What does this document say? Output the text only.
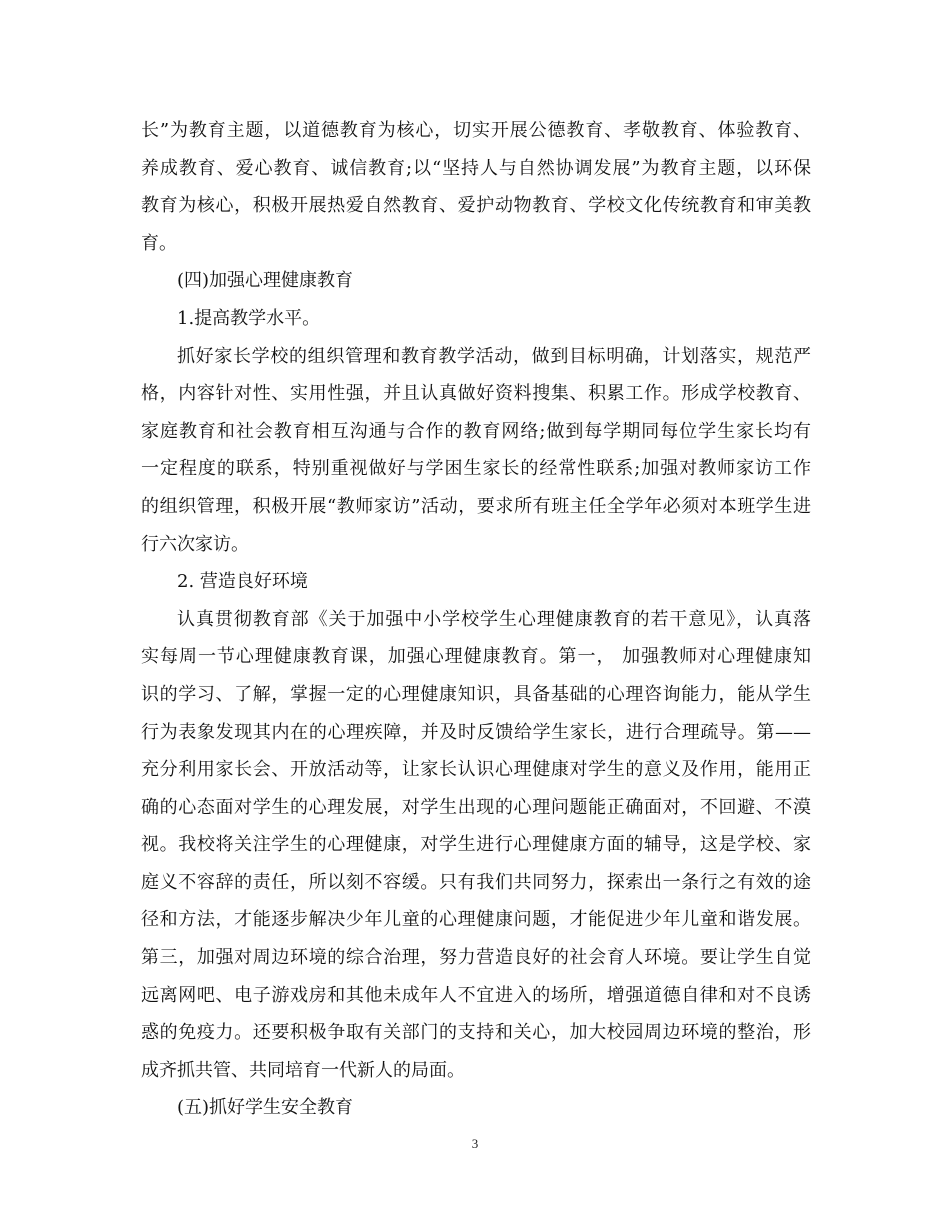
长”为教育主题，以道德教育为核心，切实开展公德教育、孝敬教育、体验教育、
养成教育、爱心教育、诚信教育;以“坚持人与自然协调发展”为教育主题，以环保
教育为核心，积极开展热爱自然教育、爱护动物教育、学校文化传统教育和审美教
育。
(四)加强心理健康教育
1.提高教学水平。
抓好家长学校的组织管理和教育教学活动，做到目标明确，计划落实，规范严
格，内容针对性、实用性强，并且认真做好资料搜集、积累工作。形成学校教育、
家庭教育和社会教育相互沟通与合作的教育网络;做到每学期同每位学生家长均有
一定程度的联系，特别重视做好与学困生家长的经常性联系;加强对教师家访工作
的组织管理，积极开展“教师家访”活动，要求所有班主任全学年必须对本班学生进
行六次家访。
2. 营造良好环境
认真贯彻教育部《关于加强中小学校学生心理健康教育的若干意见》，认真落
实每周一节心理健康教育课，加强心理健康教育。第一， 加强教师对心理健康知
识的学习、了解，掌握一定的心理健康知识，具备基础的心理咨询能力，能从学生
行为表象发现其内在的心理疾障，并及时反馈给学生家长，进行合理疏导。第——
充分利用家长会、开放活动等，让家长认识心理健康对学生的意义及作用，能用正
确的心态面对学生的心理发展，对学生出现的心理问题能正确面对，不回避、不漠
视。我校将关注学生的心理健康，对学生进行心理健康方面的辅导，这是学校、家
庭义不容辞的责任，所以刻不容缓。只有我们共同努力，探索出一条行之有效的途
径和方法，才能逐步解决少年儿童的心理健康问题，才能促进少年儿童和谐发展。
第三，加强对周边环境的综合治理，努力营造良好的社会育人环境。要让学生自觉
远离网吧、电子游戏房和其他未成年人不宜进入的场所，增强道德自律和对不良诱
惑的免疫力。还要积极争取有关部门的支持和关心，加大校园周边环境的整治，形
成齐抓共管、共同培育一代新人的局面。
(五)抓好学生安全教育
3
